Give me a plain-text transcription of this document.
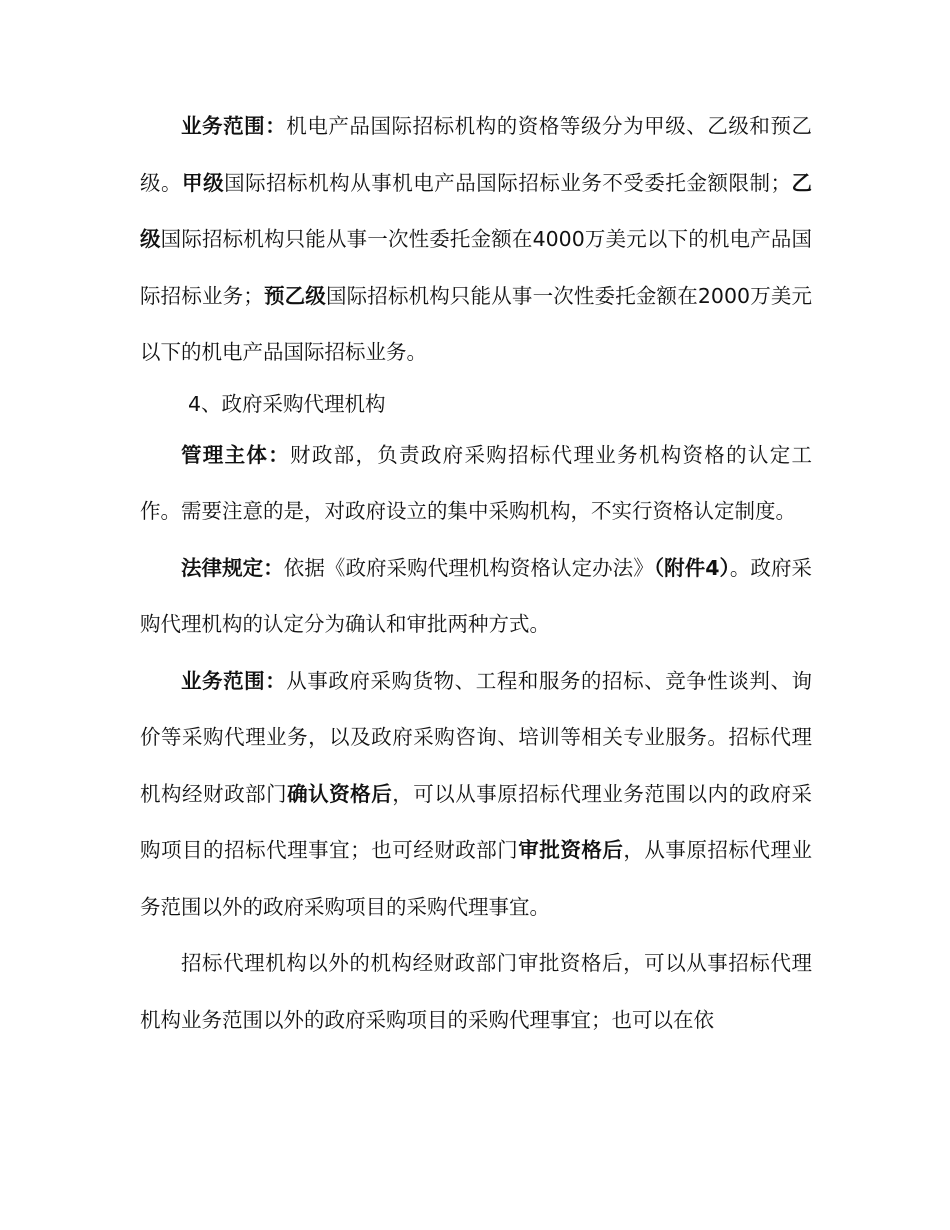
业务范围：机电产品国际招标机构的资格等级分为甲级、乙级和预乙级。甲级国际招标机构从事机电产品国际招标业务不受委托金额限制；乙级国际招标机构只能从事一次性委托金额在4000万美元以下的机电产品国际招标业务；预乙级国际招标机构只能从事一次性委托金额在2000万美元以下的机电产品国际招标业务。

4、政府采购代理机构

管理主体：财政部，负责政府采购招标代理业务机构资格的认定工作。需要注意的是，对政府设立的集中采购机构，不实行资格认定制度。

法律规定：依据《政府采购代理机构资格认定办法》（附件4）。政府采购代理机构的认定分为确认和审批两种方式。

业务范围：从事政府采购货物、工程和服务的招标、竞争性谈判、询价等采购代理业务，以及政府采购咨询、培训等相关专业服务。招标代理机构经财政部门确认资格后，可以从事原招标代理业务范围以内的政府采购项目的招标代理事宜；也可经财政部门审批资格后，从事原招标代理业务范围以外的政府采购项目的采购代理事宜。

招标代理机构以外的机构经财政部门审批资格后，可以从事招标代理机构业务范围以外的政府采购项目的采购代理事宜；也可以在依
